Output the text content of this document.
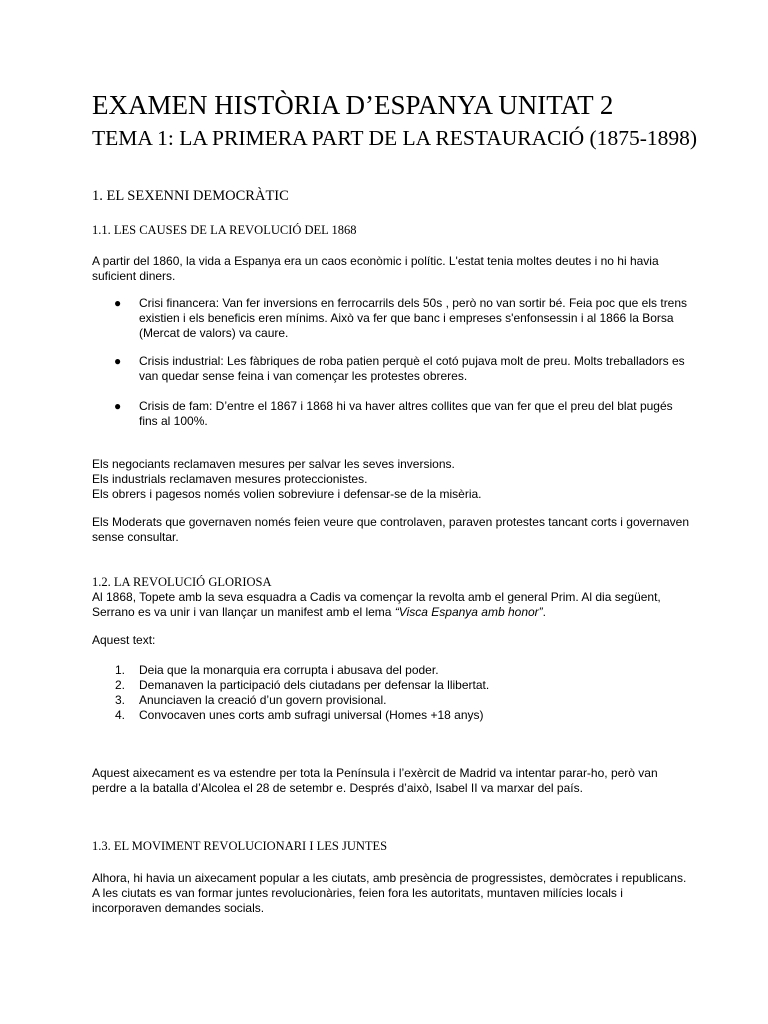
EXAMEN HISTÒRIA D’ESPANYA UNITAT 2
TEMA 1: LA PRIMERA PART DE LA RESTAURACIÓ (1875-1898)
1. EL SEXENNI DEMOCRÀTIC
1.1. LES CAUSES DE LA REVOLUCIÓ DEL 1868

A partir del 1860, la vida a Espanya era un caos econòmic i polític. L'estat tenia moltes deutes i no hi havia
suficient diners.

● Crisi financera: Van fer inversions en ferrocarrils dels 50s , però no van sortir bé. Feia poc que els trens
existien i els beneficis eren mínims. Això va fer que banc i empreses s'enfonsessin i al 1866 la Borsa
(Mercat de valors) va caure.
● Crisis industrial: Les fàbriques de roba patien perquè el cotó pujava molt de preu. Molts treballadors es
van quedar sense feina i van començar les protestes obreres.
● Crisis de fam: D’entre el 1867 i 1868 hi va haver altres collites que van fer que el preu del blat pugés
fins al 100%.

Els negociants reclamaven mesures per salvar les seves inversions.
Els industrials reclamaven mesures proteccionistes.
Els obrers i pagesos només volien sobreviure i defensar-se de la misèria.

Els Moderats que governaven només feien veure que controlaven, paraven protestes tancant corts i governaven
sense consultar.

1.2. LA REVOLUCIÓ GLORIOSA

Al 1868, Topete amb la seva esquadra a Cadis va començar la revolta amb el general Prim. Al dia següent,
Serrano es va unir i van llançar un manifest amb el lema “Visca Espanya amb honor”.

Aquest text:

1. Deia que la monarquia era corrupta i abusava del poder.
2. Demanaven la participació dels ciutadans per defensar la llibertat.
3. Anunciaven la creació d’un govern provisional.
4. Convocaven unes corts amb sufragi universal (Homes +18 anys)

Aquest aixecament es va estendre per tota la Península i l’exèrcit de Madrid va intentar parar-ho, però van
perdre a la batalla d’Alcolea el 28 de setembr e. Després d’això, Isabel II va marxar del país.

1.3. EL MOVIMENT REVOLUCIONARI I LES JUNTES

Alhora, hi havia un aixecament popular a les ciutats, amb presència de progressistes, demòcrates i republicans.
A les ciutats es van formar juntes revolucionàries, feien fora les autoritats, muntaven milícies locals i
incorporaven demandes socials.
